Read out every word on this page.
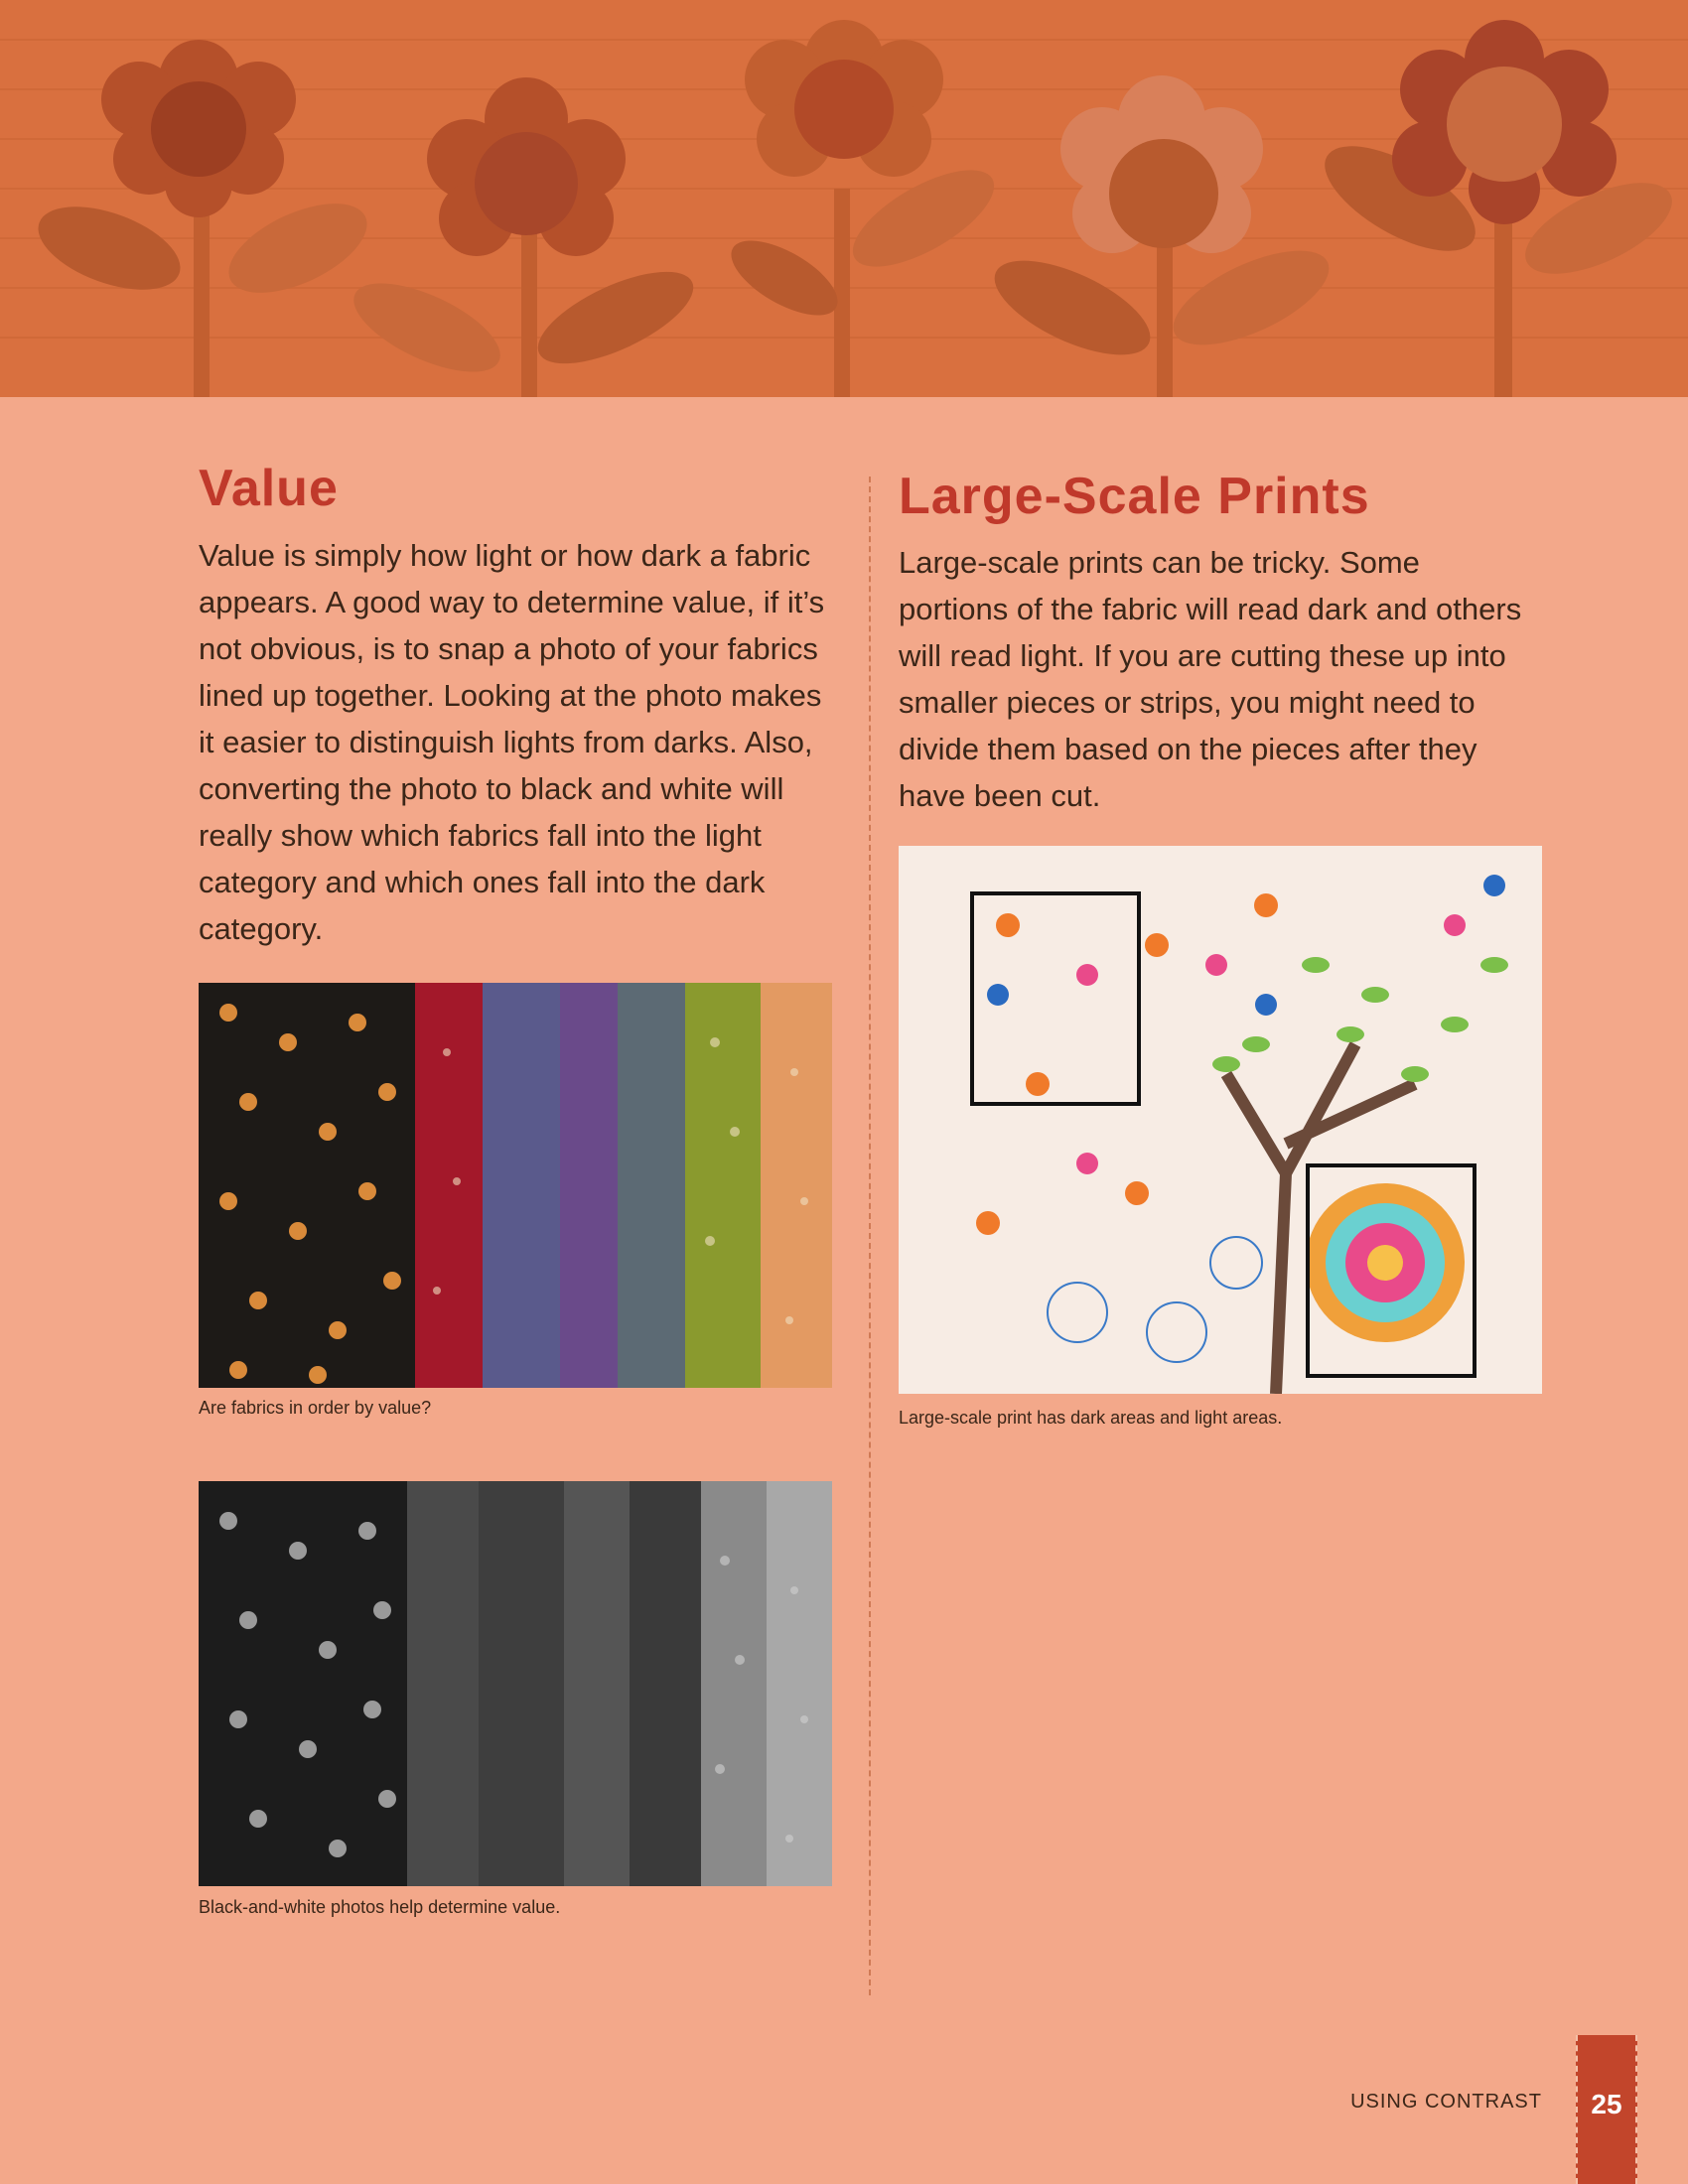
Value

Value is simply how light or how dark a fabric appears. A good way to determine value, if it’s not obvious, is to snap a photo of your fabrics lined up together. Looking at the photo makes it easier to distinguish lights from darks. Also, converting the photo to black and white will really show which fabrics fall into the light category and which ones fall into the dark category.

Are fabrics in order by value?

Black-and-white photos help determine value.

Large-Scale Prints

Large-scale prints can be tricky. Some portions of the fabric will read dark and others will read light. If you are cutting these up into smaller pieces or strips, you might need to divide them based on the pieces after they have been cut.

Large-scale print has dark areas and light areas.

USING CONTRAST	25
